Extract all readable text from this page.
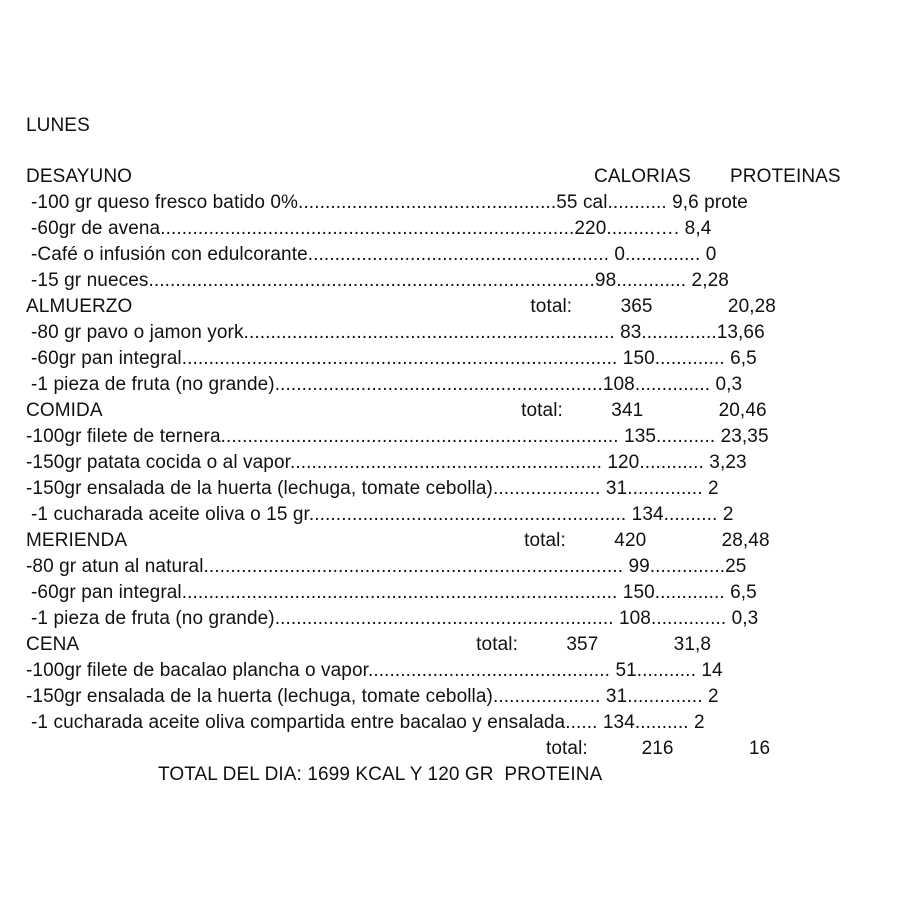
LUNES
DESAYUNO	CALORIAS PROTEINAS
-100 gr queso fresco batido 0%................................................55 cal........... 9,6 prote
-60gr de avena.............................................................................220.........…. 8,4
-Café o infusión con edulcorante........................................................ 0.............. 0
-15 gr nueces...................................................................................98............. 2,28
ALMUERZO                                                                          total:         365              20,28
-80 gr pavo o jamon york..................................................................... 83..............13,66
-60gr pan integral................................................................................. 150............. 6,5
-1 pieza de fruta (no grande).............................................................108.............. 0,3
COMIDA                                                                              total:         341              20,46
-100gr filete de ternera.......................................................................... 135........... 23,35
-150gr patata cocida o al vapor.......................................................... 120............ 3,23
-150gr ensalada de la huerta (lechuga, tomate cebolla).................... 31.............. 2
-1 cucharada aceite oliva o 15 gr........................................................... 134.......... 2
MERIENDA                                                                          total:         420              28,48
-80 gr atun al natural.............................................................................. 99..............25
-60gr pan integral................................................................................. 150............. 6,5
-1 pieza de fruta (no grande)............................................................... 108.............. 0,3
CENA                                                                          total:         357              31,8
-100gr filete de bacalao plancha o vapor............................................. 51........... 14
-150gr ensalada de la huerta (lechuga, tomate cebolla).................... 31.............. 2
-1 cucharada aceite oliva compartida entre bacalao y ensalada...... 134.......... 2
total:          216              16
TOTAL DEL DIA: 1699 KCAL Y 120 GR  PROTEINA
